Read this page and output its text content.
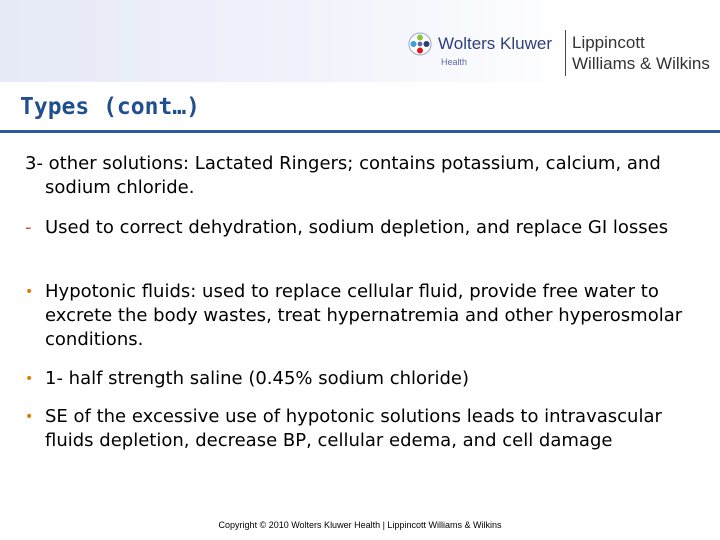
Wolters Kluwer
Health
Lippincott
Williams & Wilkins
Types (cont…)
3- other solutions: Lactated Ringers; contains potassium, calcium, and sodium chloride.
- Used to correct dehydration, sodium depletion, and replace GI losses
• Hypotonic fluids: used to replace cellular fluid, provide free water to excrete the body wastes, treat hypernatremia and other hyperosmolar conditions.
• 1- half strength saline (0.45% sodium chloride)
• SE of the excessive use of hypotonic solutions leads to intravascular fluids depletion, decrease BP, cellular edema, and cell damage
Copyright © 2010 Wolters Kluwer Health | Lippincott Williams & Wilkins
